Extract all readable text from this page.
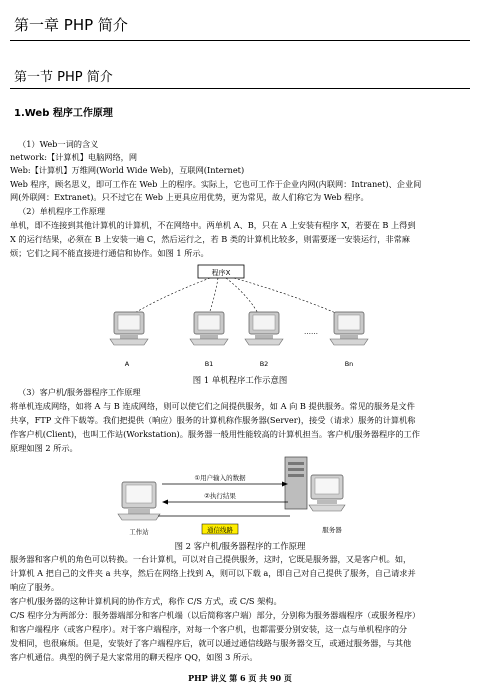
第一章 PHP 简介
第一节 PHP 简介
1.Web 程序工作原理
（1）Web一词的含义
network:【计算机】电脑网络，网
Web:【计算机】万维网(World Wide Web)，互联网(Internet)
Web 程序，顾名思义，即可工作在 Web 上的程序。实际上，它也可工作于企业内网(内联网：Intranet)、企业间
网(外联网：Extranet)。只不过它在 Web 上更具应用优势，更为常见，故人们称它为 Web 程序。
（2）单机程序工作原理
单机，即不连接到其他计算机的计算机，不在网络中。两单机 A、B，只在 A 上安装有程序 X，若要在 B 上得到
X 的运行结果，必须在 B 上安装一遍 C，然后运行之，若 B 类的计算机比较多，则需要逐一安装运行，非常麻
烦；它们之间不能直接进行通信和协作。如图 1 所示。
程序X
……
A	B1	B2	Bn
图 1 单机程序工作示意图
（3）客户机/服务器程序工作原理
将单机连成网络，如将 A 与 B 连成网络，则可以使它们之间提供服务，如 A 向 B 提供服务。常见的服务是文件
共享，FTP 文件下载等。我们把提供（响应）服务的计算机称作服务器(Server)，接受（请求）服务的计算机称
作客户机(Client)，也叫工作站(Workstation)。服务器一般用性能较高的计算机担当。客户机/服务器程序的工作
原理如图 2 所示。
工作站	服务器
①用户输入的数据
②执行结果
通信线路
图 2 客户机/服务器程序的工作原理
服务器和客户机的角色可以转换。一台计算机，可以对自己提供服务，这时，它既是服务器，又是客户机。如，
计算机 A 把自己的文件夹 a 共享，然后在网络上找到 A，则可以下载 a，即自己对自己提供了服务，自己请求并
响应了服务。
客户机/服务器的这种计算机间的协作方式，称作 C/S 方式，或 C/S 架构。
C/S 程序分为两部分：服务器端部分和客户机端（以后简称客户端）部分，分别称为服务器端程序（或服务程序）
和客户端程序（或客户程序）。对于客户端程序，对每一个客户机，也都需要分别安装，这一点与单机程序的分
发相同，也很麻烦。但是，安装好了客户端程序后，就可以通过通信线路与服务器交互，或通过服务器，与其他
客户机通信。典型的例子是大家常用的聊天程序 QQ，如图 3 所示。
PHP 讲义 第 6 页 共 90 页
